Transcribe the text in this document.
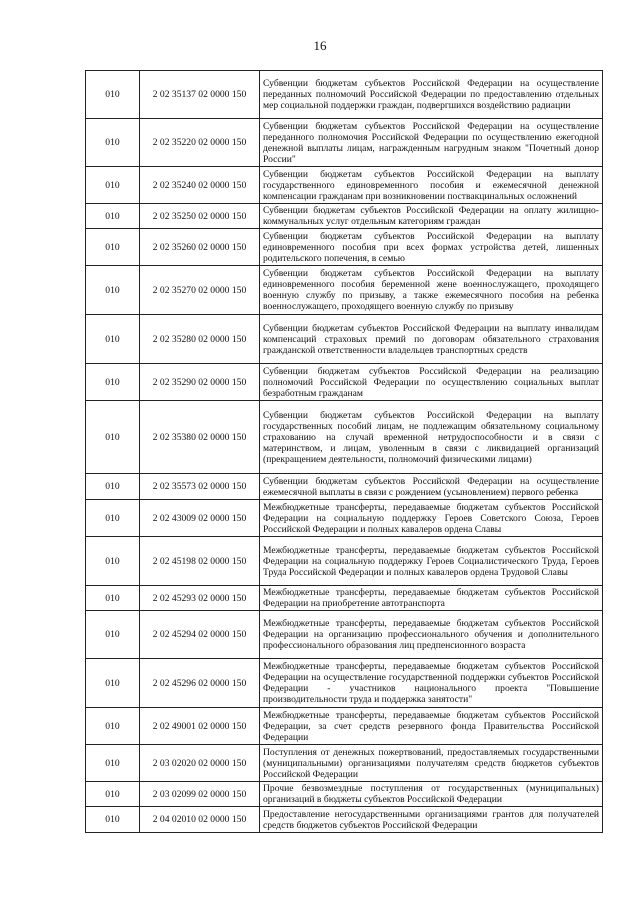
16
010	2 02 35137 02 0000 150	Субвенции бюджетам субъектов Российской Федерации на осуществление переданных полномочий Российской Федерации по предоставлению отдельных мер социальной поддержки граждан, подвергшихся воздействию радиации
010	2 02 35220 02 0000 150	Субвенции бюджетам субъектов Российской Федерации на осуществление переданного полномочия Российской Федерации по осуществлению ежегодной денежной выплаты лицам, награжденным нагрудным знаком "Почетный донор России"
010	2 02 35240 02 0000 150	Субвенции бюджетам субъектов Российской Федерации на выплату государственного единовременного пособия и ежемесячной денежной компенсации гражданам при возникновении поствакцинальных осложнений
010	2 02 35250 02 0000 150	Субвенции бюджетам субъектов Российской Федерации на оплату жилищно-коммунальных услуг отдельным категориям граждан
010	2 02 35260 02 0000 150	Субвенции бюджетам субъектов Российской Федерации на выплату единовременного пособия при всех формах устройства детей, лишенных родительского попечения, в семью
010	2 02 35270 02 0000 150	Субвенции бюджетам субъектов Российской Федерации на выплату единовременного пособия беременной жене военнослужащего, проходящего военную службу по призыву, а также ежемесячного пособия на ребенка военнослужащего, проходящего военную службу по призыву
010	2 02 35280 02 0000 150	Субвенции бюджетам субъектов Российской Федерации на выплату инвалидам компенсаций страховых премий по договорам обязательного страхования гражданской ответственности владельцев транспортных средств
010	2 02 35290 02 0000 150	Субвенции бюджетам субъектов Российской Федерации на реализацию полномочий Российской Федерации по осуществлению социальных выплат безработным гражданам
010	2 02 35380 02 0000 150	Субвенции бюджетам субъектов Российской Федерации на выплату государственных пособий лицам, не подлежащим обязательному социальному страхованию на случай временной нетрудоспособности и в связи с материнством, и лицам, уволенным в связи с ликвидацией организаций (прекращением деятельности, полномочий физическими лицами)
010	2 02 35573 02 0000 150	Субвенции бюджетам субъектов Российской Федерации на осуществление ежемесячной выплаты в связи с рождением (усыновлением) первого ребенка
010	2 02 43009 02 0000 150	Межбюджетные трансферты, передаваемые бюджетам субъектов Российской Федерации на социальную поддержку Героев Советского Союза, Героев Российской Федерации и полных кавалеров ордена Славы
010	2 02 45198 02 0000 150	Межбюджетные трансферты, передаваемые бюджетам субъектов Российской Федерации на социальную поддержку Героев Социалистического Труда, Героев Труда Российской Федерации и полных кавалеров ордена Трудовой Славы
010	2 02 45293 02 0000 150	Межбюджетные трансферты, передаваемые бюджетам субъектов Российской Федерации на приобретение автотранспорта
010	2 02 45294 02 0000 150	Межбюджетные трансферты, передаваемые бюджетам субъектов Российской Федерации на организацию профессионального обучения и дополнительного профессионального образования лиц предпенсионного возраста
010	2 02 45296 02 0000 150	Межбюджетные трансферты, передаваемые бюджетам субъектов Российской Федерации на осуществление государственной поддержки субъектов Российской Федерации - участников национального проекта "Повышение производительности труда и поддержка занятости"
010	2 02 49001 02 0000 150	Межбюджетные трансферты, передаваемые бюджетам субъектов Российской Федерации, за счет средств резервного фонда Правительства Российской Федерации
010	2 03 02020 02 0000 150	Поступления от денежных пожертвований, предоставляемых государственными (муниципальными) организациями получателям средств бюджетов субъектов Российской Федерации
010	2 03 02099 02 0000 150	Прочие безвозмездные поступления от государственных (муниципальных) организаций в бюджеты субъектов Российской Федерации
010	2 04 02010 02 0000 150	Предоставление негосударственными организациями грантов для получателей средств бюджетов субъектов Российской Федерации
